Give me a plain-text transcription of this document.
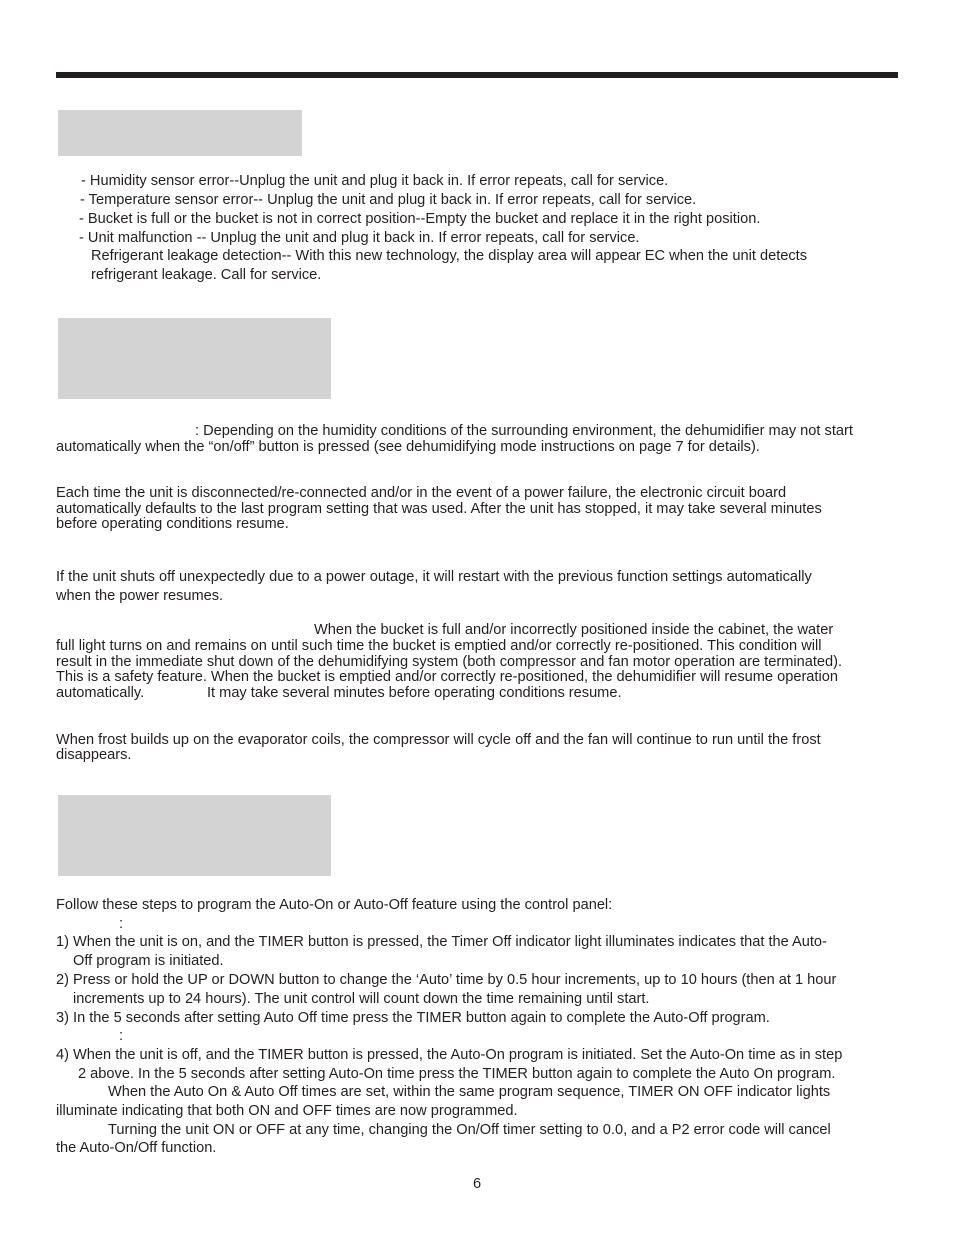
- Humidity sensor error--Unplug the unit and plug it back in. If error repeats, call for service.
- Temperature sensor error-- Unplug the unit and plug it back in. If error repeats, call for service.
- Bucket is full or the bucket is not in correct position--Empty the bucket and replace it in the right position.
- Unit malfunction -- Unplug the unit and plug it back in. If error repeats, call for service.
Refrigerant leakage detection-- With this new technology, the display area will appear EC when the unit detects
refrigerant leakage. Call for service.
: Depending on the humidity conditions of the surrounding environment, the dehumidifier may not start
automatically when the “on/off” button is pressed (see dehumidifying mode instructions on page 7 for details).
Each time the unit is disconnected/re-connected and/or in the event of a power failure, the electronic circuit board
automatically defaults to the last program setting that was used. After the unit has stopped, it may take several minutes
before operating conditions resume.
If the unit shuts off unexpectedly due to a power outage, it will restart with the previous function settings automatically
when the power resumes.
When the bucket is full and/or incorrectly positioned inside the cabinet, the water
full light turns on and remains on until such time the bucket is emptied and/or correctly re-positioned. This condition will
result in the immediate shut down of the dehumidifying system (both compressor and fan motor operation are terminated).
This is a safety feature. When the bucket is emptied and/or correctly re-positioned, the dehumidifier will resume operation
automatically.	It may take several minutes before operating conditions resume.
When frost builds up on the evaporator coils, the compressor will cycle off and the fan will continue to run until the frost
disappears.
Follow these steps to program the Auto-On or Auto-Off feature using the control panel:
:
1) When the unit is on, and the TIMER button is pressed, the Timer Off indicator light illuminates indicates that the Auto-
Off program is initiated.
2) Press or hold the UP or DOWN button to change the ‘Auto’ time by 0.5 hour increments, up to 10 hours (then at 1 hour
increments up to 24 hours). The unit control will count down the time remaining until start.
3) In the 5 seconds after setting Auto Off time press the TIMER button again to complete the Auto-Off program.
:
4) When the unit is off, and the TIMER button is pressed, the Auto-On program is initiated. Set the Auto-On time as in step
2 above. In the 5 seconds after setting Auto-On time press the TIMER button again to complete the Auto On program.
When the Auto On & Auto Off times are set, within the same program sequence, TIMER ON OFF indicator lights
illuminate indicating that both ON and OFF times are now programmed.
Turning the unit ON or OFF at any time, changing the On/Off timer setting to 0.0, and a P2 error code will cancel
the Auto-On/Off function.
6
